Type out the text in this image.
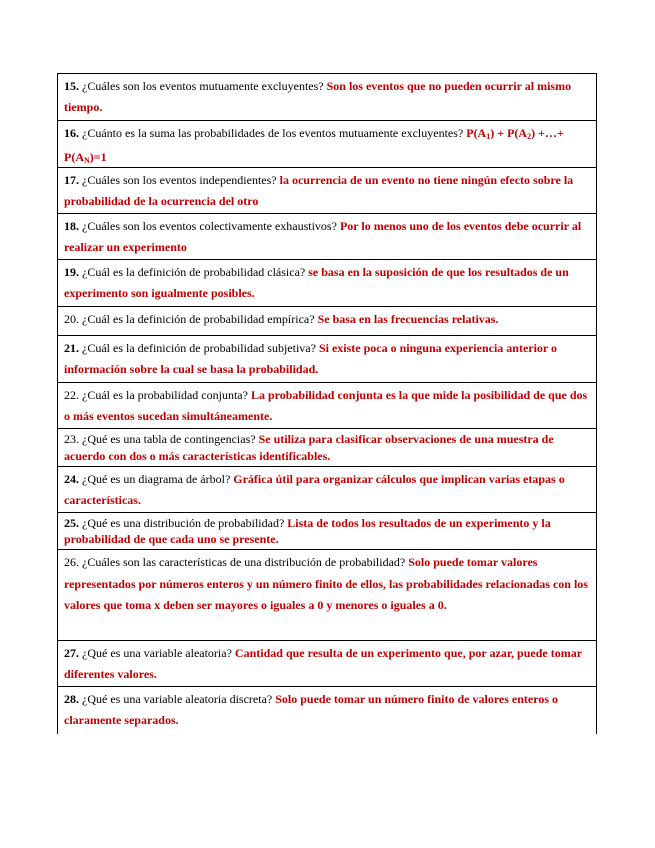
15. ¿Cuáles son los eventos mutuamente excluyentes? Son los eventos que no pueden ocurrir al mismo tiempo.

16. ¿Cuánto es la suma las probabilidades de los eventos mutuamente excluyentes? $P(A_1) + P(A_2)$ +…+ $P(A_N)=1$

17. ¿Cuáles son los eventos independientes? la ocurrencia de un evento no tiene ningún efecto sobre la probabilidad de la ocurrencia del otro

18. ¿Cuáles son los eventos colectivamente exhaustivos? Por lo menos uno de los eventos debe ocurrir al realizar un experimento

19. ¿Cuál es la definición de probabilidad clásica? se basa en la suposición de que los resultados de un experimento son igualmente posibles.

20. ¿Cuál es la definición de probabilidad empírica? Se basa en las frecuencias relativas.

21. ¿Cuál es la definición de probabilidad subjetiva? Si existe poca o ninguna experiencia anterior o información sobre la cual se basa la probabilidad.

22. ¿Cuál es la probabilidad conjunta? La probabilidad conjunta es la que mide la posibilidad de que dos o más eventos sucedan simultáneamente.

23. ¿Qué es una tabla de contingencias? Se utiliza para clasificar observaciones de una muestra de acuerdo con dos o más características identificables.

24. ¿Qué es un diagrama de árbol? Gráfica útil para organizar cálculos que implican varias etapas o características.

25. ¿Qué es una distribución de probabilidad? Lista de todos los resultados de un experimento y la probabilidad de que cada uno se presente.

26. ¿Cuáles son las características de una distribución de probabilidad? Solo puede tomar valores representados por números enteros y un número finito de ellos, las probabilidades relacionadas con los valores que toma x deben ser mayores o iguales a 0 y menores o iguales a 0.

27. ¿Qué es una variable aleatoria? Cantidad que resulta de un experimento que, por azar, puede tomar diferentes valores.

28. ¿Qué es una variable aleatoria discreta? Solo puede tomar un número finito de valores enteros o claramente separados.
